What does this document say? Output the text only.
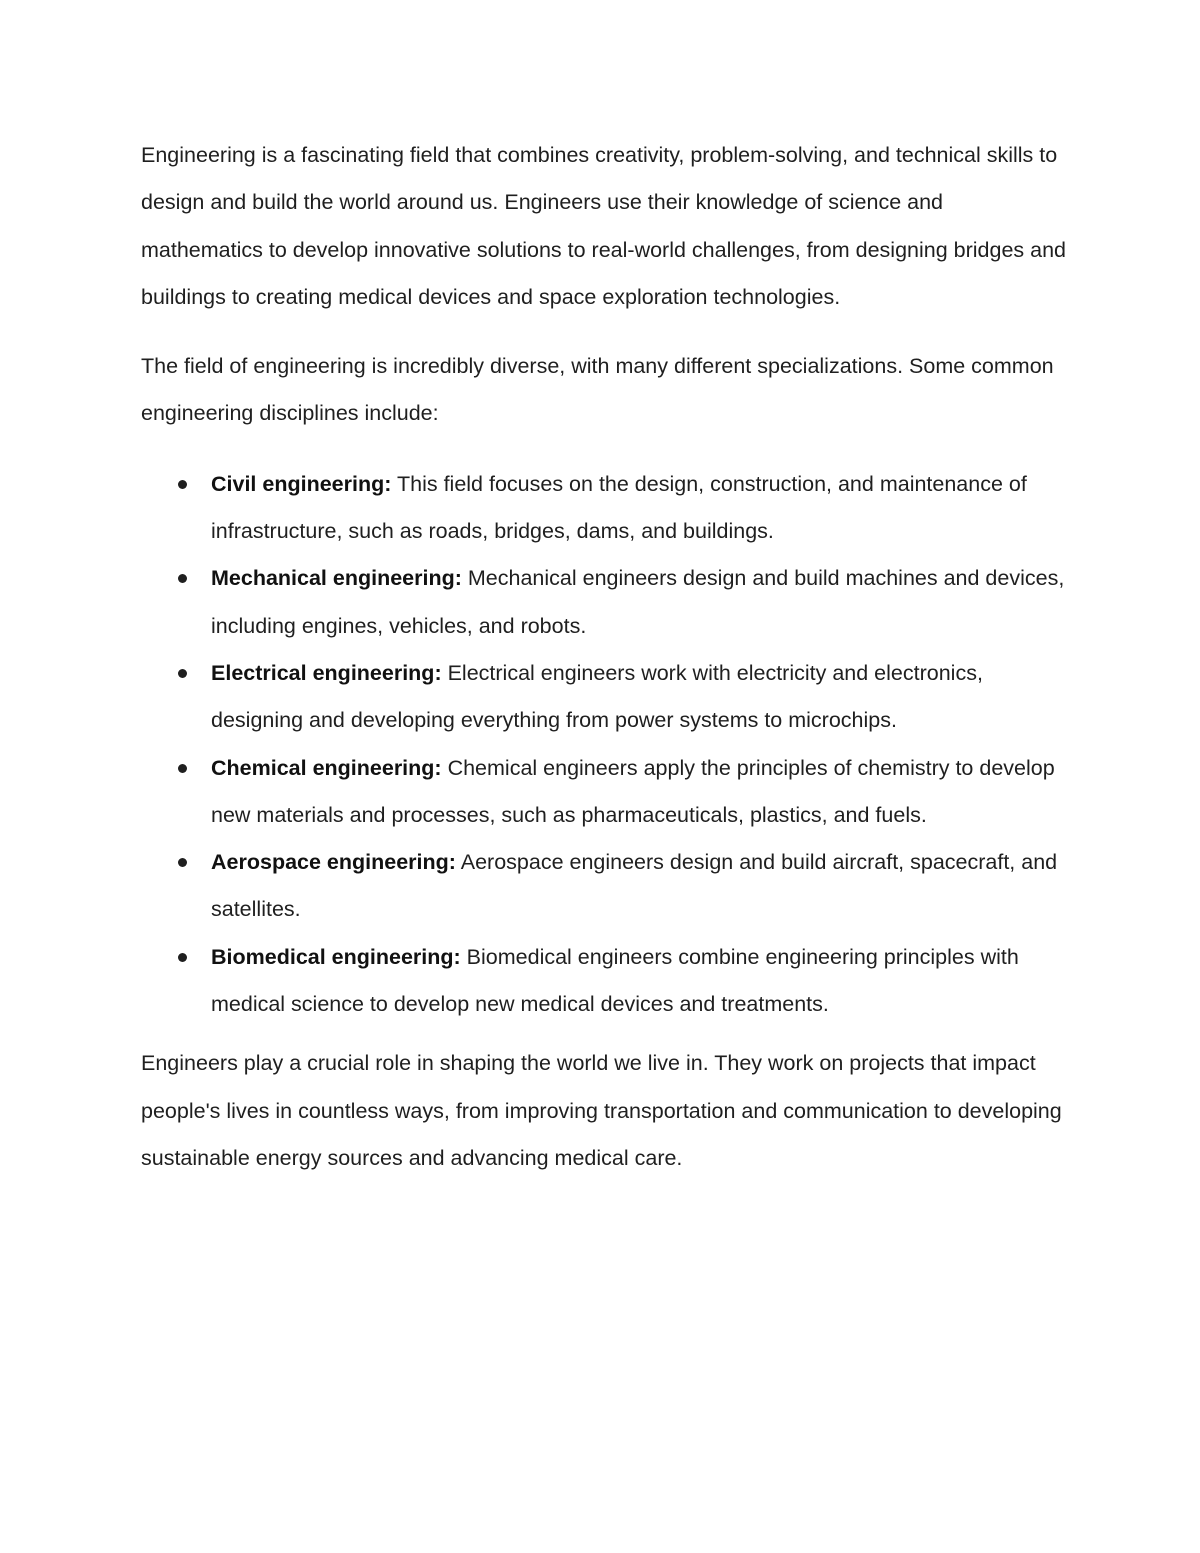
Engineering is a fascinating field that combines creativity, problem-solving, and technical skills to design and build the world around us. Engineers use their knowledge of science and mathematics to develop innovative solutions to real-world challenges, from designing bridges and buildings to creating medical devices and space exploration technologies.

The field of engineering is incredibly diverse, with many different specializations. Some common engineering disciplines include:

Civil engineering: This field focuses on the design, construction, and maintenance of infrastructure, such as roads, bridges, dams, and buildings.
Mechanical engineering: Mechanical engineers design and build machines and devices, including engines, vehicles, and robots.
Electrical engineering: Electrical engineers work with electricity and electronics, designing and developing everything from power systems to microchips.
Chemical engineering: Chemical engineers apply the principles of chemistry to develop new materials and processes, such as pharmaceuticals, plastics, and fuels.
Aerospace engineering: Aerospace engineers design and build aircraft, spacecraft, and satellites.
Biomedical engineering: Biomedical engineers combine engineering principles with medical science to develop new medical devices and treatments.

Engineers play a crucial role in shaping the world we live in. They work on projects that impact people's lives in countless ways, from improving transportation and communication to developing sustainable energy sources and advancing medical care.
